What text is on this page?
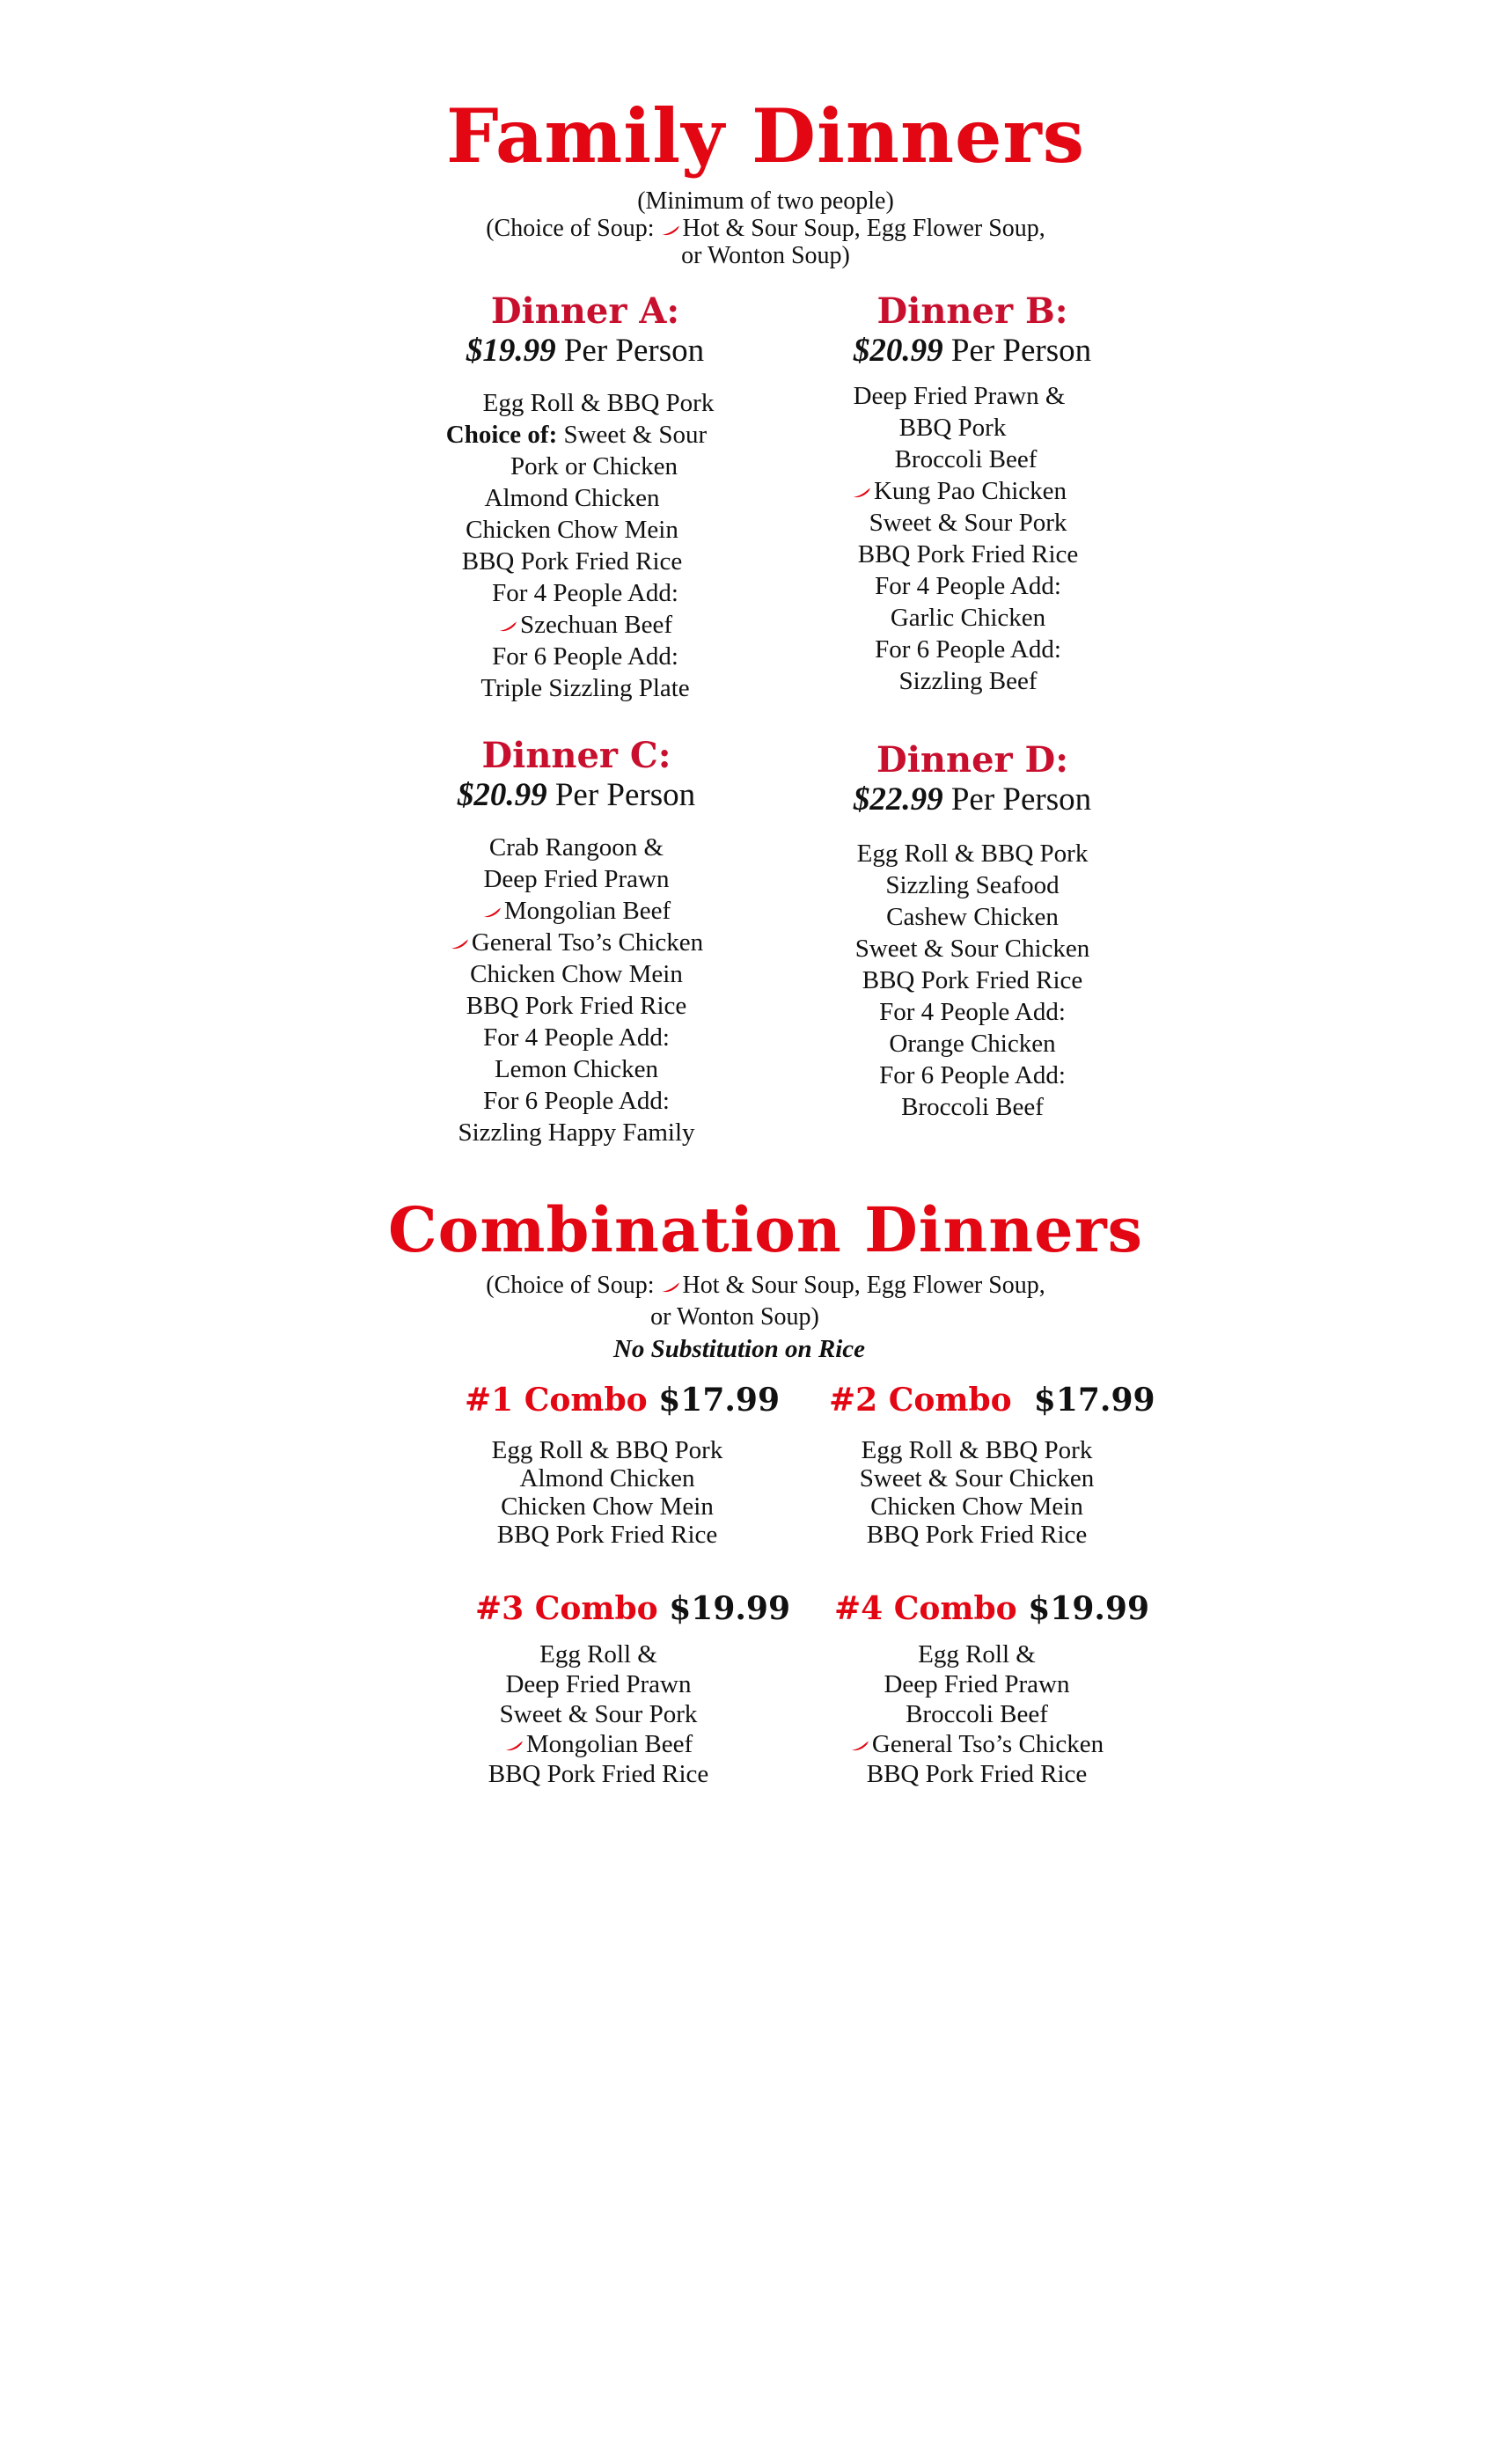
Family Dinners
(Minimum of two people)
(Choice of Soup: Hot & Sour Soup, Egg Flower Soup,
or Wonton Soup)
Dinner A:
$19.99 Per Person
Egg Roll & BBQ Pork
Choice of: Sweet & Sour
Pork or Chicken
Almond Chicken
Chicken Chow Mein
BBQ Pork Fried Rice
For 4 People Add:
Szechuan Beef
For 6 People Add:
Triple Sizzling Plate
Dinner B:
$20.99 Per Person
Deep Fried Prawn &
BBQ Pork
Broccoli Beef
Kung Pao Chicken
Sweet & Sour Pork
BBQ Pork Fried Rice
For 4 People Add:
Garlic Chicken
For 6 People Add:
Sizzling Beef
Dinner C:
$20.99 Per Person
Crab Rangoon &
Deep Fried Prawn
Mongolian Beef
General Tso’s Chicken
Chicken Chow Mein
BBQ Pork Fried Rice
For 4 People Add:
Lemon Chicken
For 6 People Add:
Sizzling Happy Family
Dinner D:
$22.99 Per Person
Egg Roll & BBQ Pork
Sizzling Seafood
Cashew Chicken
Sweet & Sour Chicken
BBQ Pork Fried Rice
For 4 People Add:
Orange Chicken
For 6 People Add:
Broccoli Beef
Combination Dinners
(Choice of Soup: Hot & Sour Soup, Egg Flower Soup,
or Wonton Soup)
No Substitution on Rice
#1 Combo $17.99
Egg Roll & BBQ Pork
Almond Chicken
Chicken Chow Mein
BBQ Pork Fried Rice
#2 Combo $17.99
Egg Roll & BBQ Pork
Sweet & Sour Chicken
Chicken Chow Mein
BBQ Pork Fried Rice
#3 Combo $19.99
Egg Roll &
Deep Fried Prawn
Sweet & Sour Pork
Mongolian Beef
BBQ Pork Fried Rice
#4 Combo $19.99
Egg Roll &
Deep Fried Prawn
Broccoli Beef
General Tso’s Chicken
BBQ Pork Fried Rice
